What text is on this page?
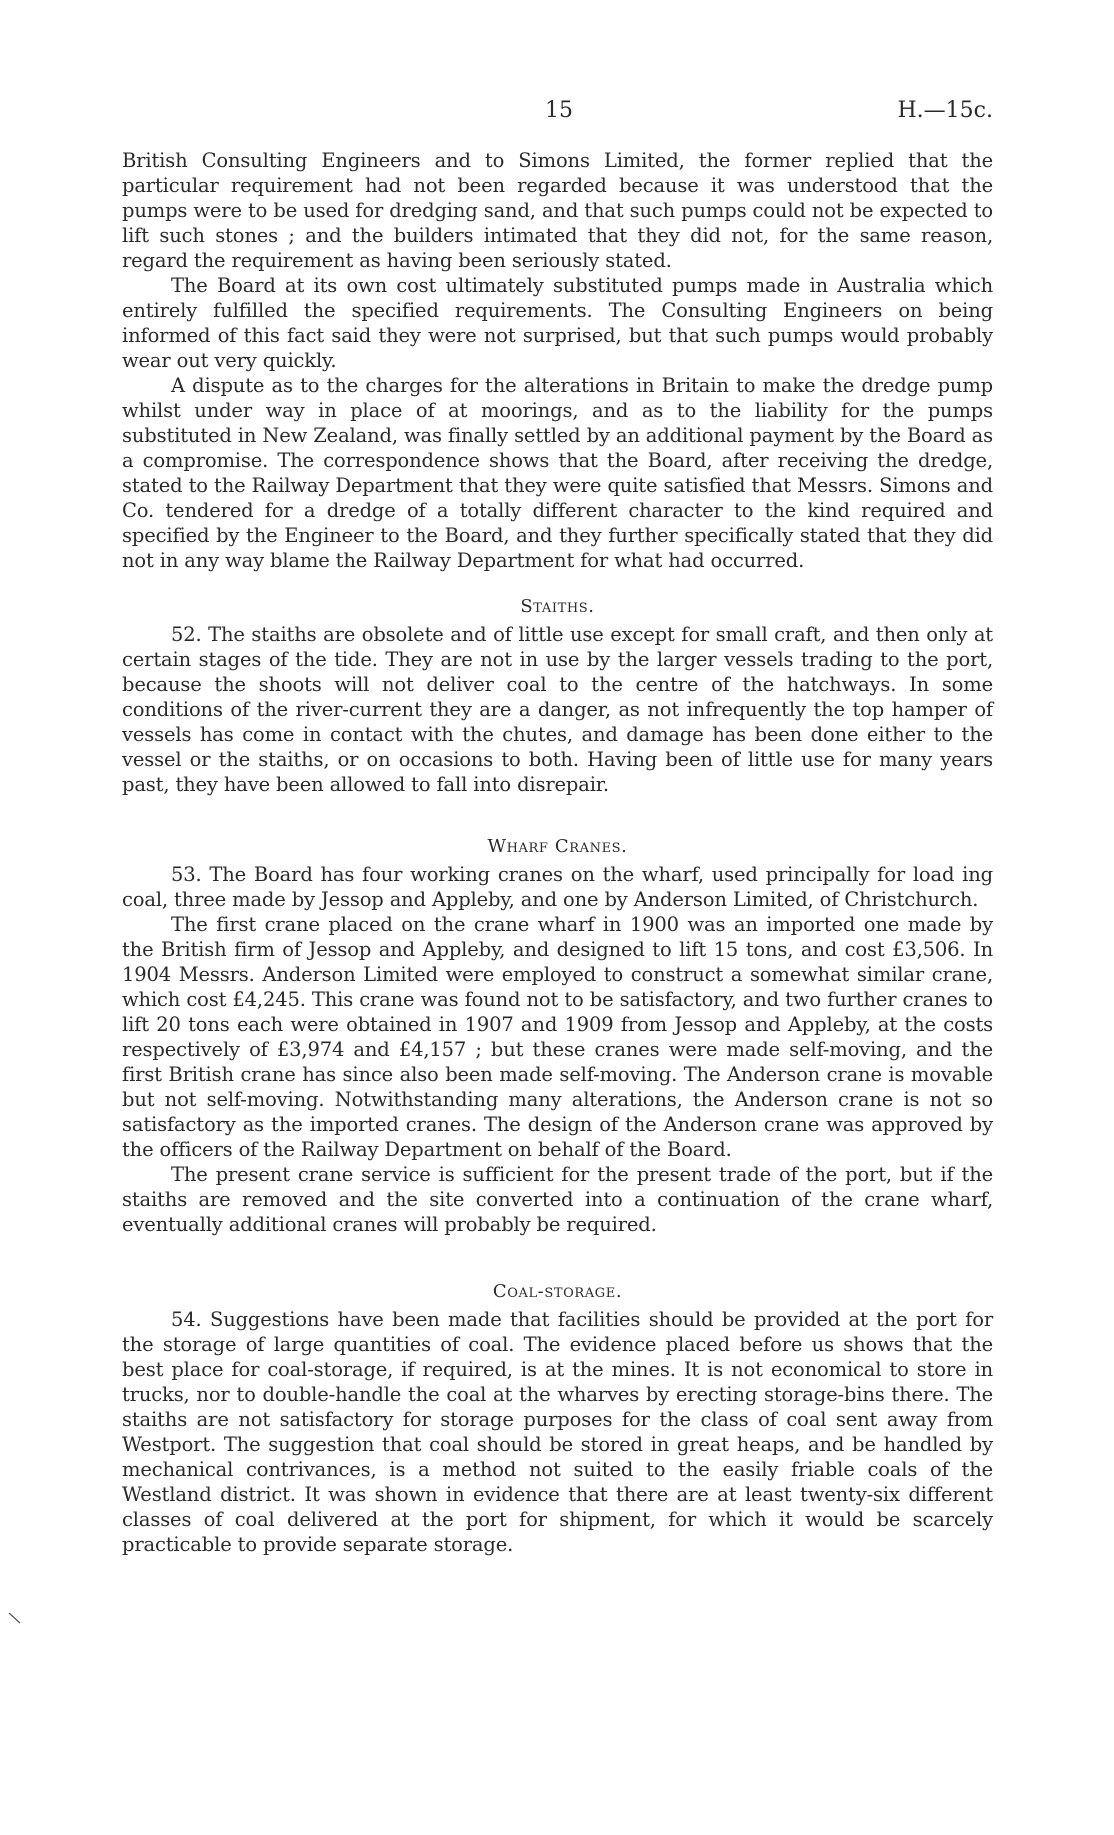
15	H.—15c.

British Consulting Engineers and to Simons Limited, the former replied that the particular requirement had not been regarded because it was understood that the pumps were to be used for dredging sand, and that such pumps could not be expected to lift such stones ; and the builders intimated that they did not, for the same reason, regard the requirement as having been seriously stated.

The Board at its own cost ultimately substituted pumps made in Australia which entirely fulfilled the specified requirements. The Consulting Engineers on being informed of this fact said they were not surprised, but that such pumps would probably wear out very quickly.

A dispute as to the charges for the alterations in Britain to make the dredge pump whilst under way in place of at moorings, and as to the liability for the pumps substituted in New Zealand, was finally settled by an additional payment by the Board as a compromise. The correspondence shows that the Board, after receiving the dredge, stated to the Railway Department that they were quite satisfied that Messrs. Simons and Co. tendered for a dredge of a totally different character to the kind required and specified by the Engineer to the Board, and they further specifically stated that they did not in any way blame the Railway Department for what had occurred.

Staiths.

52. The staiths are obsolete and of little use except for small craft, and then only at certain stages of the tide. They are not in use by the larger vessels trading to the port, because the shoots will not deliver coal to the centre of the hatchways. In some conditions of the river-current they are a danger, as not infrequently the top hamper of vessels has come in contact with the chutes, and damage has been done either to the vessel or the staiths, or on occasions to both. Having been of little use for many years past, they have been allowed to fall into disrepair.

Wharf Cranes.

53. The Board has four working cranes on the wharf, used principally for load ing coal, three made by Jessop and Appleby, and one by Anderson Limited, of Christchurch.

The first crane placed on the crane wharf in 1900 was an imported one made by the British firm of Jessop and Appleby, and designed to lift 15 tons, and cost £3,506. In 1904 Messrs. Anderson Limited were employed to construct a somewhat similar crane, which cost £4,245. This crane was found not to be satisfactory, and two further cranes to lift 20 tons each were obtained in 1907 and 1909 from Jessop and Appleby, at the costs respectively of £3,974 and £4,157 ; but these cranes were made self-moving, and the first British crane has since also been made self-moving. The Anderson crane is movable but not self-moving. Notwithstanding many alterations, the Anderson crane is not so satisfactory as the imported cranes. The design of the Anderson crane was approved by the officers of the Railway Department on behalf of the Board.

The present crane service is sufficient for the present trade of the port, but if the staiths are removed and the site converted into a continuation of the crane wharf, eventually additional cranes will probably be required.

Coal-storage.

54. Suggestions have been made that facilities should be provided at the port for the storage of large quantities of coal. The evidence placed before us shows that the best place for coal-storage, if required, is at the mines. It is not economical to store in trucks, nor to double-handle the coal at the wharves by erecting storage-bins there. The staiths are not satisfactory for storage purposes for the class of coal sent away from Westport. The suggestion that coal should be stored in great heaps, and be handled by mechanical contrivances, is a method not suited to the easily friable coals of the Westland district. It was shown in evidence that there are at least twenty-six different classes of coal delivered at the port for shipment, for which it would be scarcely practicable to provide separate storage.
